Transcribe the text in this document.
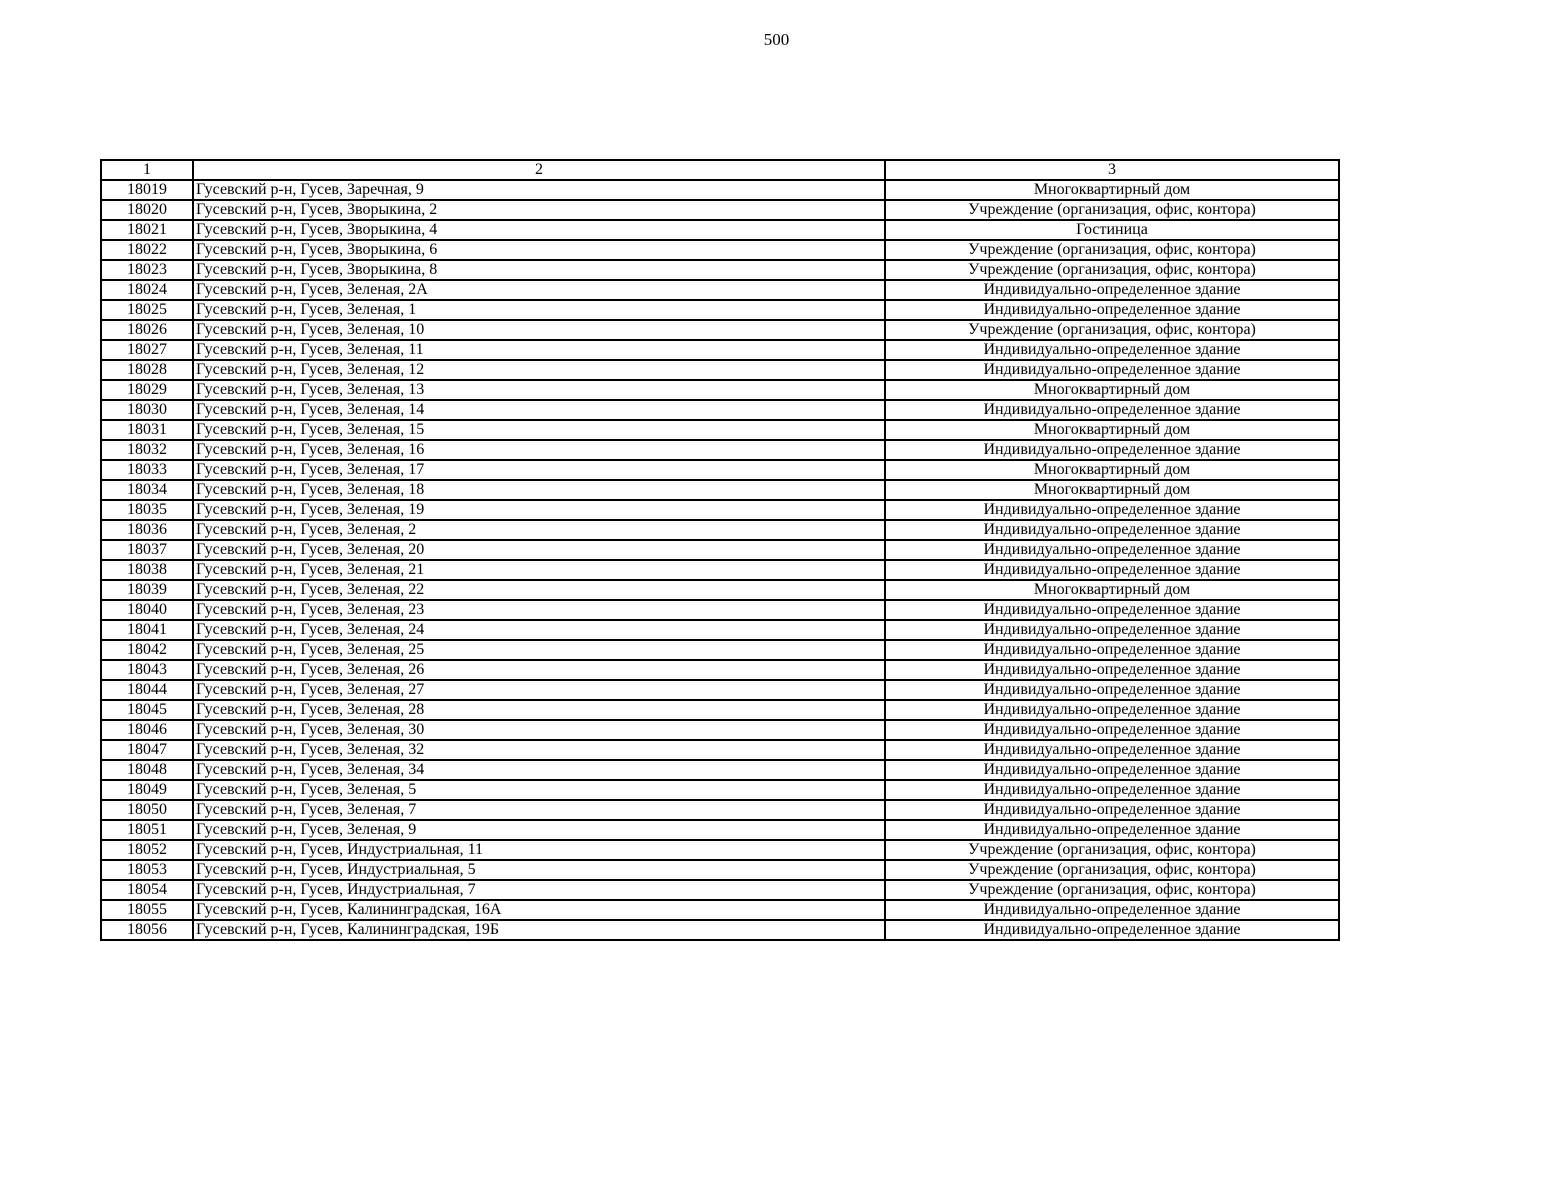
500
1	2	3
18019	Гусевский р-н, Гусев, Заречная, 9	Многоквартирный дом
18020	Гусевский р-н, Гусев, Зворыкина, 2	Учреждение (организация, офис, контора)
18021	Гусевский р-н, Гусев, Зворыкина, 4	Гостиница
18022	Гусевский р-н, Гусев, Зворыкина, 6	Учреждение (организация, офис, контора)
18023	Гусевский р-н, Гусев, Зворыкина, 8	Учреждение (организация, офис, контора)
18024	Гусевский р-н, Гусев, Зеленая, 2А	Индивидуально-определенное здание
18025	Гусевский р-н, Гусев, Зеленая, 1	Индивидуально-определенное здание
18026	Гусевский р-н, Гусев, Зеленая, 10	Учреждение (организация, офис, контора)
18027	Гусевский р-н, Гусев, Зеленая, 11	Индивидуально-определенное здание
18028	Гусевский р-н, Гусев, Зеленая, 12	Индивидуально-определенное здание
18029	Гусевский р-н, Гусев, Зеленая, 13	Многоквартирный дом
18030	Гусевский р-н, Гусев, Зеленая, 14	Индивидуально-определенное здание
18031	Гусевский р-н, Гусев, Зеленая, 15	Многоквартирный дом
18032	Гусевский р-н, Гусев, Зеленая, 16	Индивидуально-определенное здание
18033	Гусевский р-н, Гусев, Зеленая, 17	Многоквартирный дом
18034	Гусевский р-н, Гусев, Зеленая, 18	Многоквартирный дом
18035	Гусевский р-н, Гусев, Зеленая, 19	Индивидуально-определенное здание
18036	Гусевский р-н, Гусев, Зеленая, 2	Индивидуально-определенное здание
18037	Гусевский р-н, Гусев, Зеленая, 20	Индивидуально-определенное здание
18038	Гусевский р-н, Гусев, Зеленая, 21	Индивидуально-определенное здание
18039	Гусевский р-н, Гусев, Зеленая, 22	Многоквартирный дом
18040	Гусевский р-н, Гусев, Зеленая, 23	Индивидуально-определенное здание
18041	Гусевский р-н, Гусев, Зеленая, 24	Индивидуально-определенное здание
18042	Гусевский р-н, Гусев, Зеленая, 25	Индивидуально-определенное здание
18043	Гусевский р-н, Гусев, Зеленая, 26	Индивидуально-определенное здание
18044	Гусевский р-н, Гусев, Зеленая, 27	Индивидуально-определенное здание
18045	Гусевский р-н, Гусев, Зеленая, 28	Индивидуально-определенное здание
18046	Гусевский р-н, Гусев, Зеленая, 30	Индивидуально-определенное здание
18047	Гусевский р-н, Гусев, Зеленая, 32	Индивидуально-определенное здание
18048	Гусевский р-н, Гусев, Зеленая, 34	Индивидуально-определенное здание
18049	Гусевский р-н, Гусев, Зеленая, 5	Индивидуально-определенное здание
18050	Гусевский р-н, Гусев, Зеленая, 7	Индивидуально-определенное здание
18051	Гусевский р-н, Гусев, Зеленая, 9	Индивидуально-определенное здание
18052	Гусевский р-н, Гусев, Индустриальная, 11	Учреждение (организация, офис, контора)
18053	Гусевский р-н, Гусев, Индустриальная, 5	Учреждение (организация, офис, контора)
18054	Гусевский р-н, Гусев, Индустриальная, 7	Учреждение (организация, офис, контора)
18055	Гусевский р-н, Гусев, Калининградская, 16А	Индивидуально-определенное здание
18056	Гусевский р-н, Гусев, Калининградская, 19Б	Индивидуально-определенное здание
